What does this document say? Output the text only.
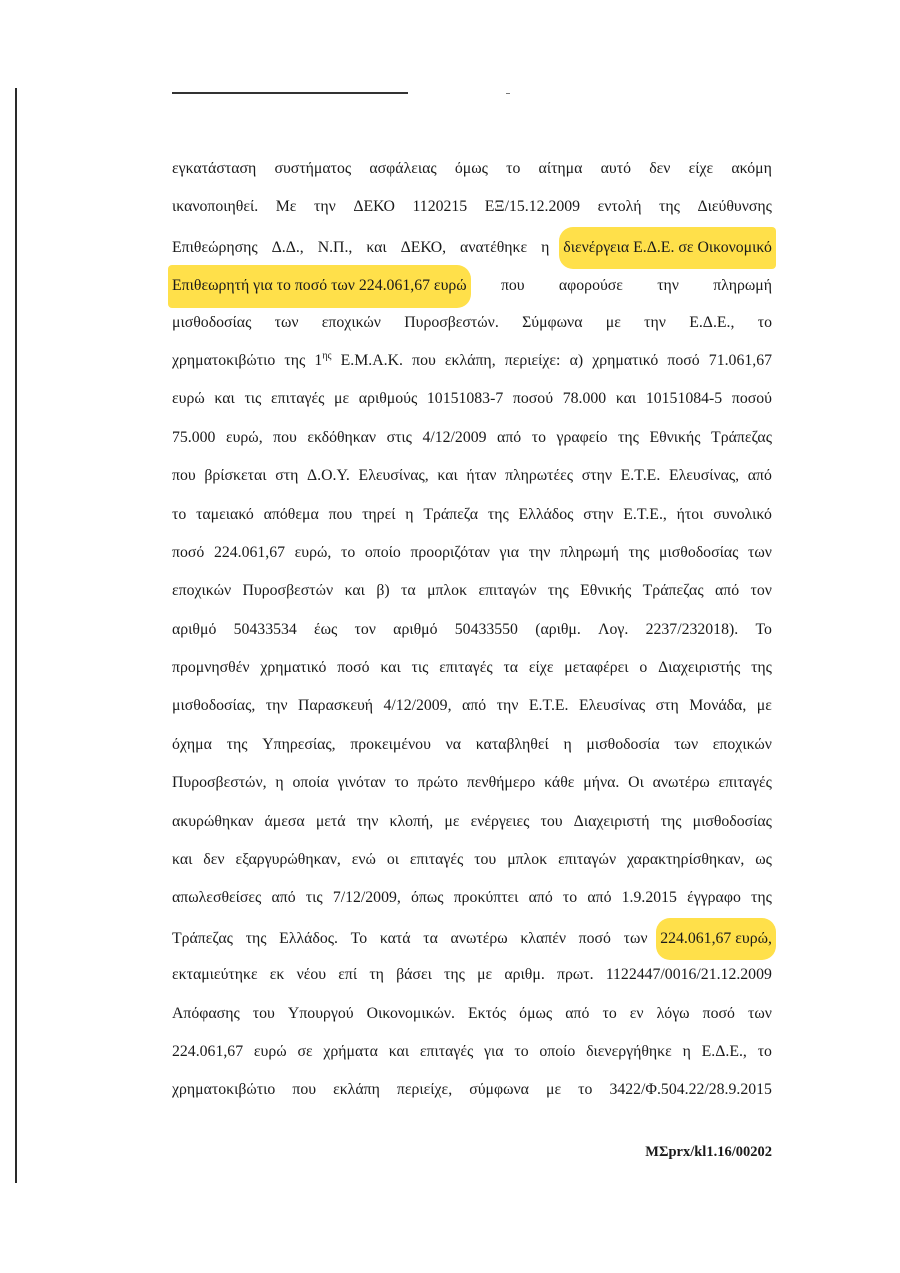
εγκατάσταση συστήματος ασφάλειας όμως το αίτημα αυτό δεν είχε ακόμη
ικανοποιηθεί. Με την ΔΕΚΟ 1120215 ΕΞ/15.12.2009 εντολή της Διεύθυνσης
Επιθεώρησης Δ.Δ., Ν.Π., και ΔΕΚΟ, ανατέθηκε η διενέργεια Ε.Δ.Ε. σε Οικονομικό
Επιθεωρητή για το ποσό των 224.061,67 ευρώ που αφορούσε την πληρωμή
μισθοδοσίας των εποχικών Πυροσβεστών. Σύμφωνα με την Ε.Δ.Ε., το
χρηματοκιβώτιο της $1^{\eta\varsigma}$ Ε.Μ.Α.Κ. που εκλάπη, περιείχε: α) χρηματικό ποσό 71.061,67
ευρώ και τις επιταγές με αριθμούς 10151083-7 ποσού 78.000 και 10151084-5 ποσού
75.000 ευρώ, που εκδόθηκαν στις 4/12/2009 από το γραφείο της Εθνικής Τράπεζας
που βρίσκεται στη Δ.Ο.Υ. Ελευσίνας, και ήταν πληρωτέες στην Ε.Τ.Ε. Ελευσίνας, από
το ταμειακό απόθεμα που τηρεί η Τράπεζα της Ελλάδος στην Ε.Τ.Ε., ήτοι συνολικό
ποσό 224.061,67 ευρώ, το οποίο προοριζόταν για την πληρωμή της μισθοδοσίας των
εποχικών Πυροσβεστών και β) τα μπλοκ επιταγών της Εθνικής Τράπεζας από τον
αριθμό 50433534 έως τον αριθμό 50433550 (αριθμ. Λογ. 2237/232018). Το
προμνησθέν χρηματικό ποσό και τις επιταγές τα είχε μεταφέρει ο Διαχειριστής της
μισθοδοσίας, την Παρασκευή 4/12/2009, από την Ε.Τ.Ε. Ελευσίνας στη Μονάδα, με
όχημα της Υπηρεσίας, προκειμένου να καταβληθεί η μισθοδοσία των εποχικών
Πυροσβεστών, η οποία γινόταν το πρώτο πενθήμερο κάθε μήνα. Οι ανωτέρω επιταγές
ακυρώθηκαν άμεσα μετά την κλοπή, με ενέργειες του Διαχειριστή της μισθοδοσίας
και δεν εξαργυρώθηκαν, ενώ οι επιταγές του μπλοκ επιταγών χαρακτηρίσθηκαν, ως
απωλεσθείσες από τις 7/12/2009, όπως προκύπτει από το από 1.9.2015 έγγραφο της
Τράπεζας της Ελλάδος. Το κατά τα ανωτέρω κλαπέν ποσό των 224.061,67 ευρώ,
εκταμιεύτηκε εκ νέου επί τη βάσει της με αριθμ. πρωτ. 1122447/0016/21.12.2009
Απόφασης του Υπουργού Οικονομικών. Εκτός όμως από το εν λόγω ποσό των
224.061,67 ευρώ σε χρήματα και επιταγές για το οποίο διενεργήθηκε η Ε.Δ.Ε., το
χρηματοκιβώτιο που εκλάπη περιείχε, σύμφωνα με το 3422/Φ.504.22/28.9.2015
ΜΣprx/kl1.16/00202
